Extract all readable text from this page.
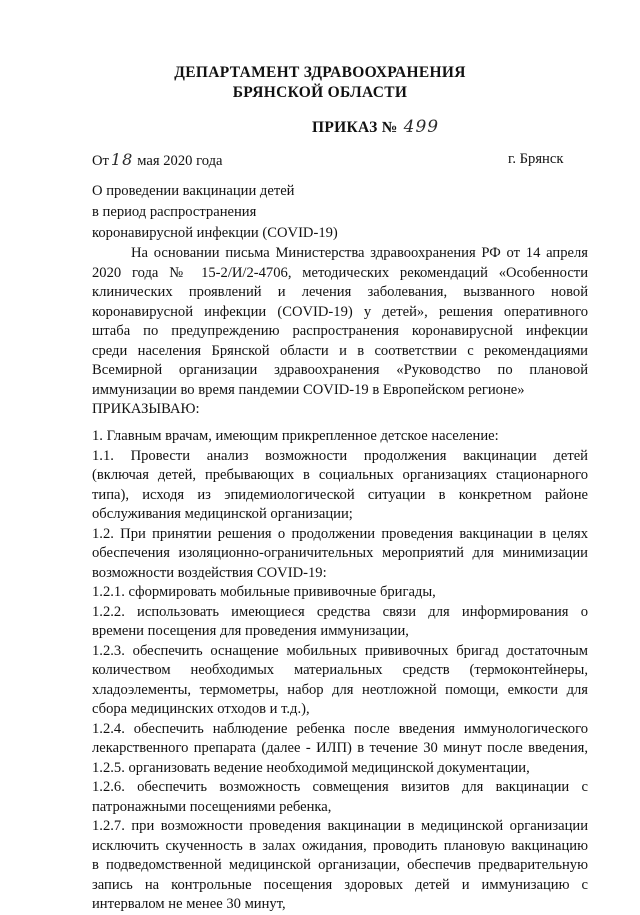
ДЕПАРТАМЕНТ ЗДРАВООХРАНЕНИЯ
БРЯНСКОЙ ОБЛАСТИ
ПРИКАЗ № 499
От 18 мая 2020 года	г. Брянск
О проведении вакцинации детей
в период распространения
коронавирусной инфекции (COVID-19)
На основании письма Министерства здравоохранения РФ от 14 апреля
2020 года № 15-2/И/2-4706, методических рекомендаций «Особенности
клинических проявлений и лечения заболевания, вызванного новой
коронавирусной инфекции (COVID-19) у детей», решения оперативного
штаба по предупреждению распространения коронавирусной инфекции
среди населения Брянской области и в соответствии с рекомендациями
Всемирной организации здравоохранения «Руководство по плановой
иммунизации во время пандемии COVID-19 в Европейском регионе»
ПРИКАЗЫВАЮ:
1. Главным врачам, имеющим прикрепленное детское население:
1.1. Провести анализ возможности продолжения вакцинации детей
(включая детей, пребывающих в социальных организациях стационарного
типа), исходя из эпидемиологической ситуации в конкретном районе
обслуживания медицинской организации;
1.2. При принятии решения о продолжении проведения вакцинации в целях
обеспечения изоляционно-ограничительных мероприятий для минимизации
возможности воздействия COVID-19:
1.2.1. сформировать мобильные прививочные бригады,
1.2.2. использовать имеющиеся средства связи для информирования о
времени посещения для проведения иммунизации,
1.2.3. обеспечить оснащение мобильных прививочных бригад достаточным
количеством необходимых материальных средств (термоконтейнеры,
хладоэлементы, термометры, набор для неотложной помощи, емкости для
сбора медицинских отходов и т.д.),
1.2.4. обеспечить наблюдение ребенка после введения иммунологического
лекарственного препарата (далее - ИЛП) в течение 30 минут после введения,
1.2.5. организовать ведение необходимой медицинской документации,
1.2.6. обеспечить возможность совмещения визитов для вакцинации с
патронажными посещениями ребенка,
1.2.7. при возможности проведения вакцинации в медицинской организации
исключить скученность в залах ожидания, проводить плановую вакцинацию
в подведомственной медицинской организации, обеспечив предварительную
запись на контрольные посещения здоровых детей и иммунизацию с
интервалом не менее 30 минут,
